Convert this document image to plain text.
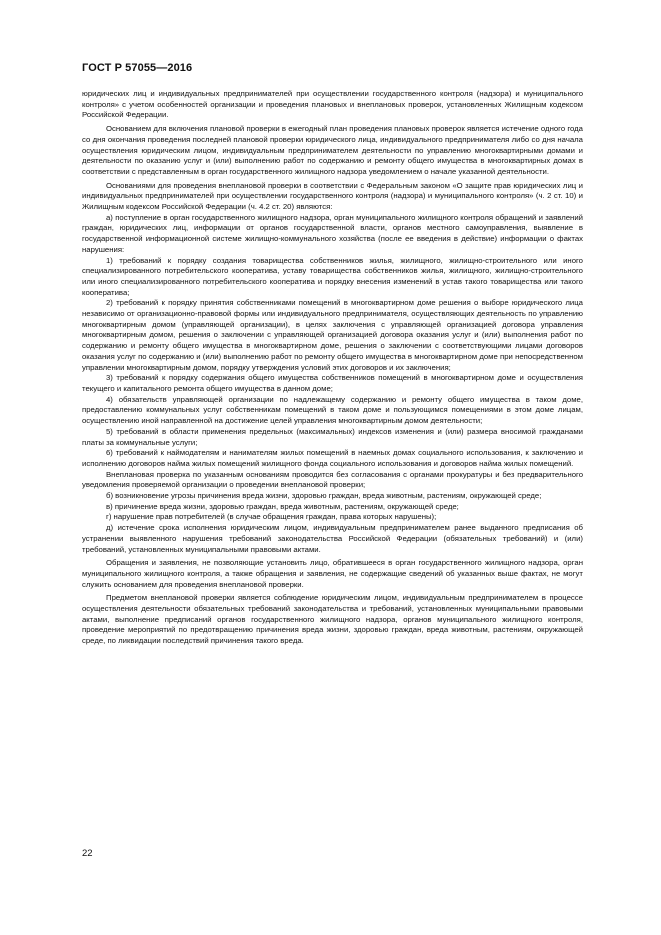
ГОСТ Р 57055—2016

юридических лиц и индивидуальных предпринимателей при осуществлении государственного контроля (надзора) и муниципального контроля» с учетом особенностей организации и проведения плановых и внеплановых проверок, установленных Жилищным кодексом Российской Федерации.

Основанием для включения плановой проверки в ежегодный план проведения плановых проверок является истечение одного года со дня окончания проведения последней плановой проверки юридического лица, индивидуального предпринимателя либо со дня начала осуществления юридическим лицом, индивидуальным предпринимателем деятельности по управлению многоквартирными домами и деятельности по оказанию услуг и (или) выполнению работ по содержанию и ремонту общего имущества в многоквартирных домах в соответствии с представленным в орган государственного жилищного надзора уведомлением о начале указанной деятельности.

Основаниями для проведения внеплановой проверки в соответствии с Федеральным законом «О защите прав юридических лиц и индивидуальных предпринимателей при осуществлении государственного контроля (надзора) и муниципального контроля» (ч. 2 ст. 10) и Жилищным кодексом Российской Федерации (ч. 4.2 ст. 20) являются:

а) поступление в орган государственного жилищного надзора, орган муниципального жилищного контроля обращений и заявлений граждан, юридических лиц, информации от органов государственной власти, органов местного самоуправления, выявление в государственной информационной системе жилищно-коммунального хозяйства (после ее введения в действие) информации о фактах нарушения:

1) требований к порядку создания товарищества собственников жилья, жилищного, жилищно-строительного или иного специализированного потребительского кооператива, уставу товарищества собственников жилья, жилищного, жилищно-строительного или иного специализированного потребительского кооператива и порядку внесения изменений в устав такого товарищества или такого кооператива;

2) требований к порядку принятия собственниками помещений в многоквартирном доме решения о выборе юридического лица независимо от организационно-правовой формы или индивидуального предпринимателя, осуществляющих деятельность по управлению многоквартирным домом (управляющей организации), в целях заключения с управляющей организацией договора управления многоквартирным домом, решения о заключении с управляющей организацией договора оказания услуг и (или) выполнения работ по содержанию и ремонту общего имущества в многоквартирном доме, решения о заключении с соответствующими лицами договоров оказания услуг по содержанию и (или) выполнению работ по ремонту общего имущества в многоквартирном доме при непосредственном управлении многоквартирным домом, порядку утверждения условий этих договоров и их заключения;

3) требований к порядку содержания общего имущества собственников помещений в многоквартирном доме и осуществления текущего и капитального ремонта общего имущества в данном доме;

4) обязательств управляющей организации по надлежащему содержанию и ремонту общего имущества в таком доме, предоставлению коммунальных услуг собственникам помещений в таком доме и пользующимся помещениями в этом доме лицам, осуществлению иной направленной на достижение целей управления многоквартирным домом деятельности;

5) требований в области применения предельных (максимальных) индексов изменения и (или) размера вносимой гражданами платы за коммунальные услуги;

6) требований к наймодателям и нанимателям жилых помещений в наемных домах социального использования, к заключению и исполнению договоров найма жилых помещений жилищного фонда социального использования и договоров найма жилых помещений.

Внеплановая проверка по указанным основаниям проводится без согласования с органами прокуратуры и без предварительного уведомления проверяемой организации о проведении внеплановой проверки;

б) возникновение угрозы причинения вреда жизни, здоровью граждан, вреда животным, растениям, окружающей среде;

в) причинение вреда жизни, здоровью граждан, вреда животным, растениям, окружающей среде;

г) нарушение прав потребителей (в случае обращения граждан, права которых нарушены);

д) истечение срока исполнения юридическим лицом, индивидуальным предпринимателем ранее выданного предписания об устранении выявленного нарушения требований законодательства Российской Федерации (обязательных требований) и (или) требований, установленных муниципальными правовыми актами.

Обращения и заявления, не позволяющие установить лицо, обратившееся в орган государственного жилищного надзора, орган муниципального жилищного контроля, а также обращения и заявления, не содержащие сведений об указанных выше фактах, не могут служить основанием для проведения внеплановой проверки.

Предметом внеплановой проверки является соблюдение юридическим лицом, индивидуальным предпринимателем в процессе осуществления деятельности обязательных требований законодательства и требований, установленных муниципальными правовыми актами, выполнение предписаний органов государственного жилищного надзора, органов муниципального жилищного контроля, проведение мероприятий по предотвращению причинения вреда жизни, здоровью граждан, вреда животным, растениям, окружающей среде, по ликвидации последствий причинения такого вреда.

22
